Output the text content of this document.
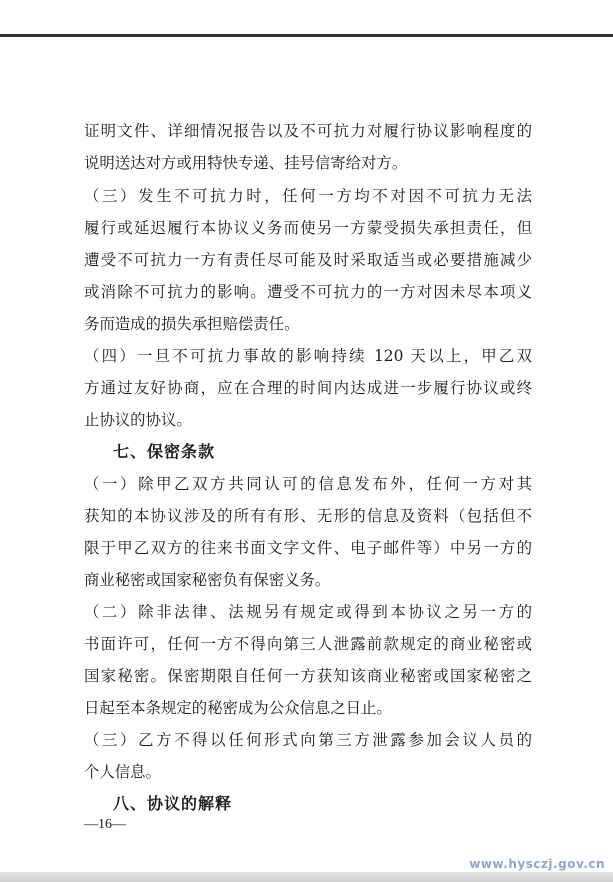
证明文件、详细情况报告以及不可抗力对履行协议影响程度的
说明送达对方或用特快专递、挂号信寄给对方。
（三）发生不可抗力时，任何一方均不对因不可抗力无法
履行或延迟履行本协议义务而使另一方蒙受损失承担责任，但
遭受不可抗力一方有责任尽可能及时采取适当或必要措施减少
或消除不可抗力的影响。遭受不可抗力的一方对因未尽本项义
务而造成的损失承担赔偿责任。
（四）一旦不可抗力事故的影响持续 120 天以上，甲乙双
方通过友好协商，应在合理的时间内达成进一步履行协议或终
止协议的协议。
七、保密条款
（一）除甲乙双方共同认可的信息发布外，任何一方对其
获知的本协议涉及的所有有形、无形的信息及资料（包括但不
限于甲乙双方的往来书面文字文件、电子邮件等）中另一方的
商业秘密或国家秘密负有保密义务。
（二）除非法律、法规另有规定或得到本协议之另一方的
书面许可，任何一方不得向第三人泄露前款规定的商业秘密或
国家秘密。保密期限自任何一方获知该商业秘密或国家秘密之
日起至本条规定的秘密成为公众信息之日止。
（三）乙方不得以任何形式向第三方泄露参加会议人员的
个人信息。
八、协议的解释
—16—
www.hysczj.gov.cn
